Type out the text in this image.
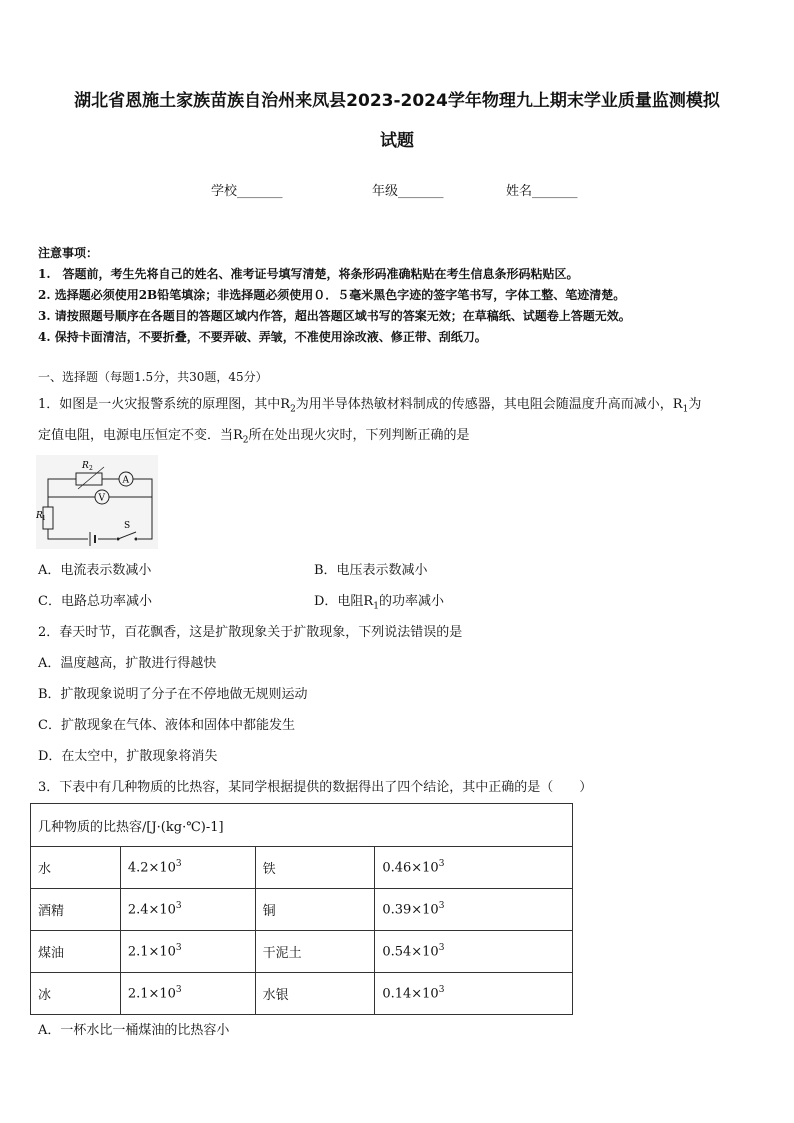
湖北省恩施土家族苗族自治州来凤县2023-2024学年物理九上期末学业质量监测模拟
试题
学校_______	年级_______	姓名_______
注意事项：
1.　答题前，考生先将自己的姓名、准考证号填写清楚，将条形码准确粘贴在考生信息条形码粘贴区。
2. 选择题必须使用2B铅笔填涂；非选择题必须使用０．５毫米黑色字迹的签字笔书写，字体工整、笔迹清楚。
3. 请按照题号顺序在各题目的答题区域内作答，超出答题区域书写的答案无效；在草稿纸、试题卷上答题无效。
4. 保持卡面清洁，不要折叠，不要弄破、弄皱，不准使用涂改液、修正带、刮纸刀。
一、选择题（每题1.5分，共30题，45分）
1．如图是一火灾报警系统的原理图，其中$R_2$为用半导体热敏材料制成的传感器，其电阻会随温度升高而减小，$R_1$为
定值电阻，电源电压恒定不变．当$R_2$所在处出现火灾时，下列判断正确的是
R 2
A
V
R 1
S
A．电流表示数减小	B．电压表示数减小
C．电路总功率减小	D．电阻$R_1$的功率减小
2．春天时节，百花飘香，这是扩散现象关于扩散现象，下列说法错误的是
A．温度越高，扩散进行得越快
B．扩散现象说明了分子在不停地做无规则运动
C．扩散现象在气体、液体和固体中都能发生
D．在太空中，扩散现象将消失
3．下表中有几种物质的比热容，某同学根据提供的数据得出了四个结论，其中正确的是（　　）
几种物质的比热容/[J·(kg·℃)-1]			
水	$4.2\times 10^3$	铁	$0.46\times 10^3$
酒精	$2.4\times 10^3$	铜	$0.39\times 10^3$
煤油	$2.1\times 10^3$	干泥土	$0.54\times 10^3$
冰	$2.1\times 10^3$	水银	$0.14\times 10^3$
A．一杯水比一桶煤油的比热容小
